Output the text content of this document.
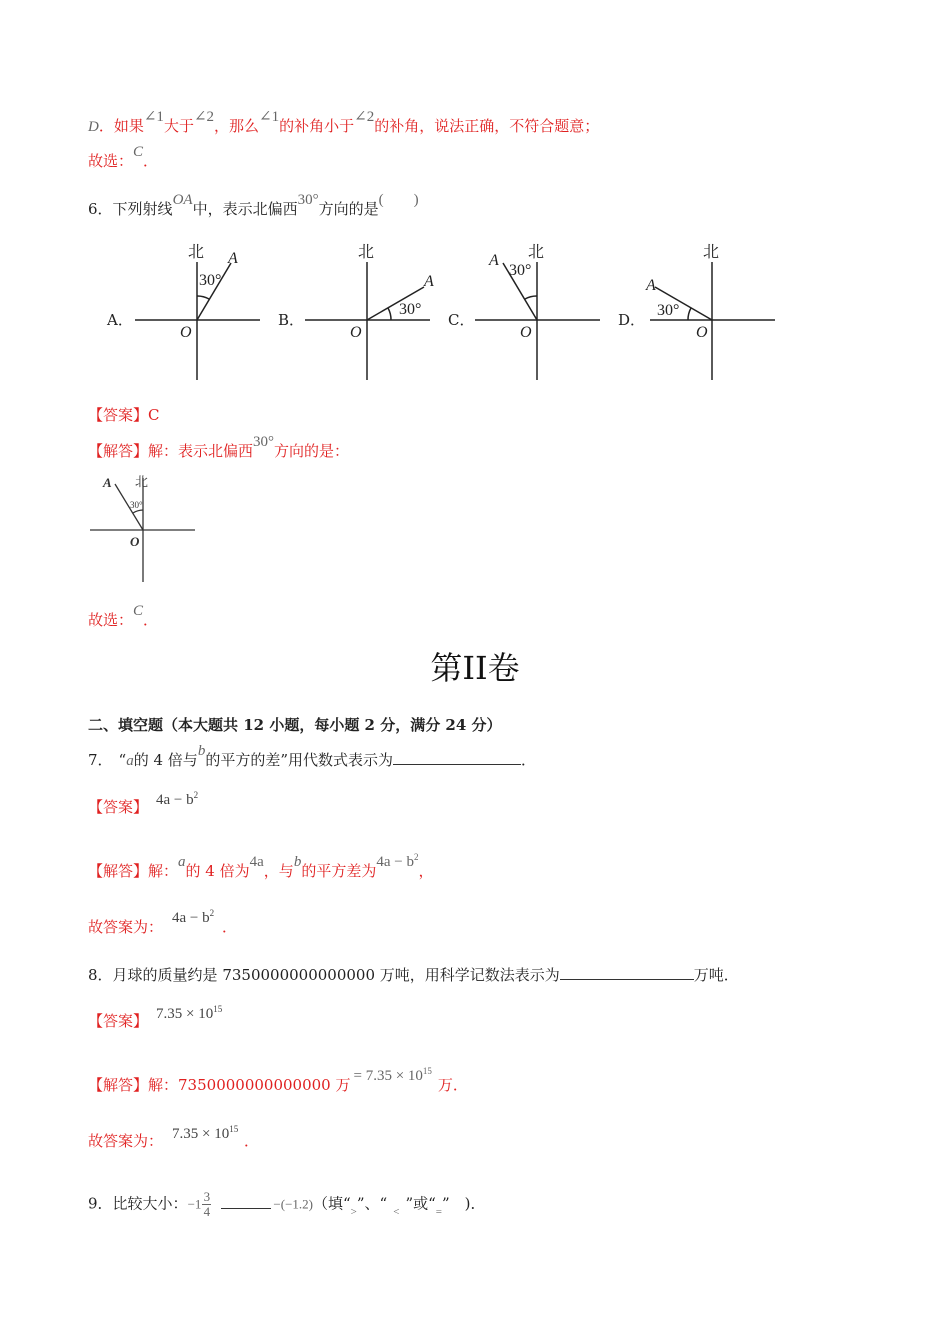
D．如果∠1大于∠2，那么∠1的补角小于∠2的补角，说法正确，不符合题意；
故选：C．
6．下列射线OA中，表示北偏西30°方向的是(　　)
A．	B．	C．	D．
北 A
30°
O
北
A
30°
O
北
A
30°
O
北
A
30°
O
【答案】C
【解答】解：表示北偏西30°方向的是：
A 北
30°
O
故选：C．
第II卷
二、填空题（本大题共 12 小题，每小题 2 分，满分 24 分）
7． “a的 4 倍与b的平方的差”用代数式表示为	．
【答案】 $4a - b^2$
【解答】解：a的 4 倍为4a，与b的平方差为$4a - b^2$，
故答案为： $4a - b^2$
．
8．月球的质量约是 7350000000000000 万吨，用科学记数法表示为	万吨．
【答案】 $7.35 \times 10^{15}$
【解答】解：7350000000000000 万 = $7.35 \times 10^{15}$万．
故答案为： $7.35 \times 10^{15}$
．
9．比较大小：$-1 \frac{3}{4}$	−(−1.2)（填“$_>$”、“ $_<$ ”或“$_=$”　)．
